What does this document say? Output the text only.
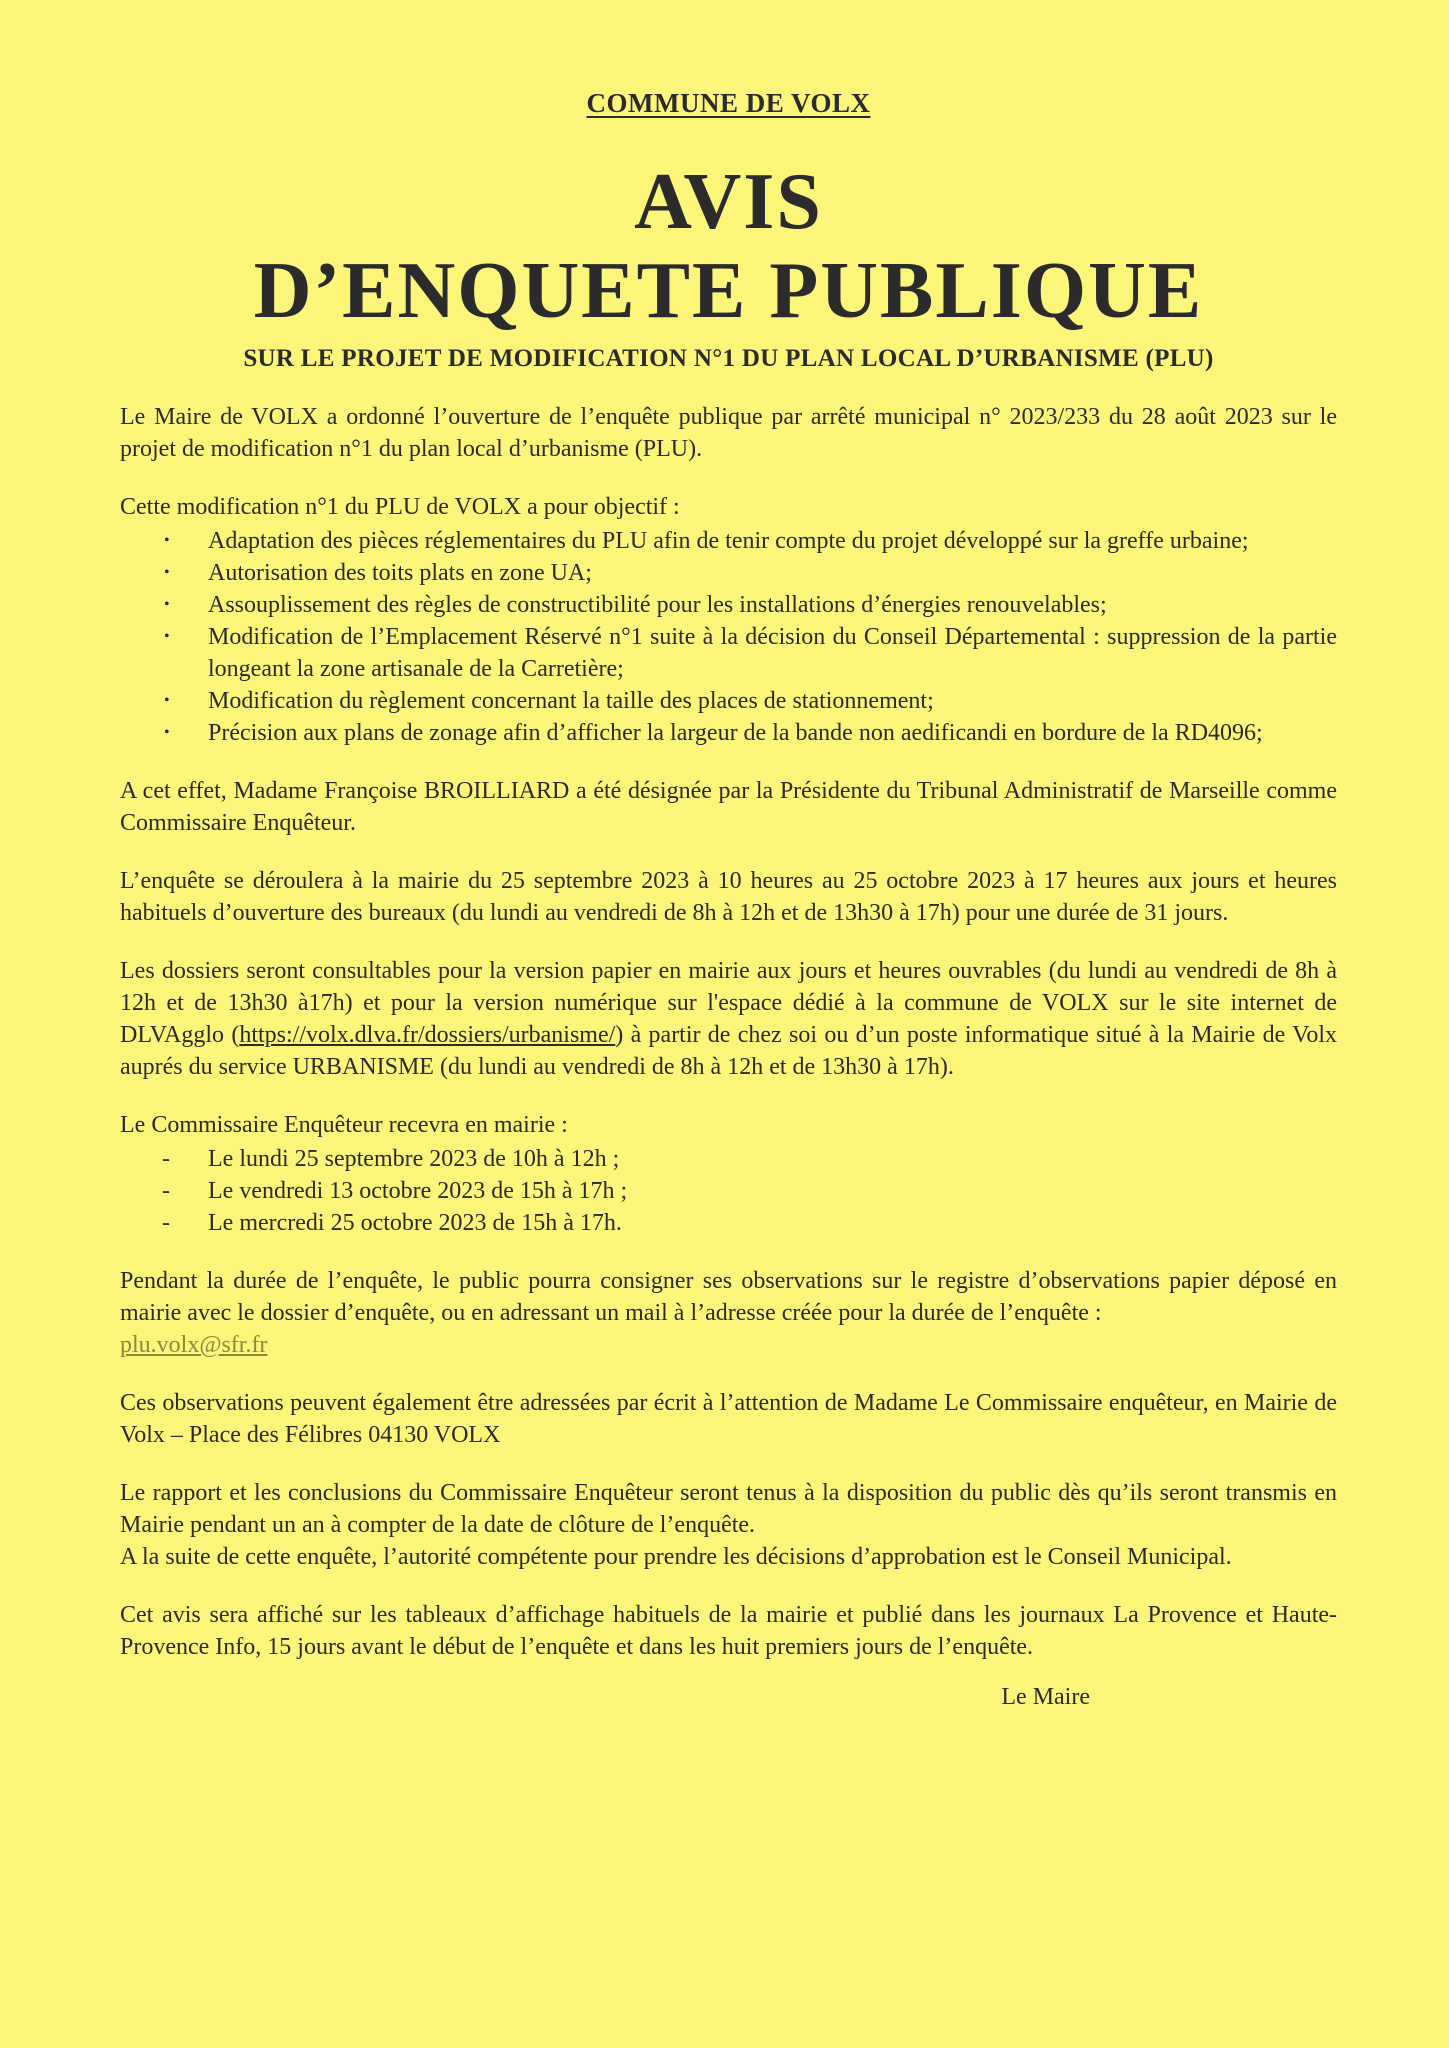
COMMUNE DE VOLX
AVIS
D’ENQUETE PUBLIQUE
SUR LE PROJET DE MODIFICATION N°1 DU PLAN LOCAL D’URBANISME (PLU)

Le Maire de VOLX a ordonné l’ouverture de l’enquête publique par arrêté municipal n° 2023/233 du 28 août 2023 sur le projet de modification n°1 du plan local d’urbanisme (PLU).

Cette modification n°1 du PLU de VOLX a pour objectif :

• Adaptation des pièces réglementaires du PLU afin de tenir compte du projet développé sur la greffe urbaine;
• Autorisation des toits plats en zone UA;
• Assouplissement des règles de constructibilité pour les installations d’énergies renouvelables;
• Modification de l’Emplacement Réservé n°1 suite à la décision du Conseil Départemental : suppression de la partie longeant la zone artisanale de la Carretière;
• Modification du règlement concernant la taille des places de stationnement;
• Précision aux plans de zonage afin d’afficher la largeur de la bande non aedificandi en bordure de la RD4096;

A cet effet, Madame Françoise BROILLIARD a été désignée par la Présidente du Tribunal Administratif de Marseille comme Commissaire Enquêteur.

L’enquête se déroulera à la mairie du 25 septembre 2023 à 10 heures au 25 octobre 2023 à 17 heures aux jours et heures habituels d’ouverture des bureaux (du lundi au vendredi de 8h à 12h et de 13h30 à 17h) pour une durée de 31 jours.

Les dossiers seront consultables pour la version papier en mairie aux jours et heures ouvrables (du lundi au vendredi de 8h à 12h et de 13h30 à17h) et pour la version numérique sur l'espace dédié à la commune de VOLX sur le site internet de DLVAgglo (https://volx.dlva.fr/dossiers/urbanisme/) à partir de chez soi ou d’un poste informatique situé à la Mairie de Volx auprés du service URBANISME (du lundi au vendredi de 8h à 12h et de 13h30 à 17h).

Le Commissaire Enquêteur recevra en mairie :

- Le lundi 25 septembre 2023 de 10h à 12h ;
- Le vendredi 13 octobre 2023 de 15h à 17h ;
- Le mercredi 25 octobre 2023 de 15h à 17h.

Pendant la durée de l’enquête, le public pourra consigner ses observations sur le registre d’observations papier déposé en mairie avec le dossier d’enquête, ou en adressant un mail à l’adresse créée pour la durée de l’enquête :

plu.volx@sfr.fr

Ces observations peuvent également être adressées par écrit à l’attention de Madame Le Commissaire enquêteur, en Mairie de Volx – Place des Félibres 04130 VOLX

Le rapport et les conclusions du Commissaire Enquêteur seront tenus à la disposition du public dès qu’ils seront transmis en Mairie pendant un an à compter de la date de clôture de l’enquête.

A la suite de cette enquête, l’autorité compétente pour prendre les décisions d’approbation est le Conseil Municipal.

Cet avis sera affiché sur les tableaux d’affichage habituels de la mairie et publié dans les journaux La Provence et Haute-Provence Info, 15 jours avant le début de l’enquête et dans les huit premiers jours de l’enquête.

Le Maire
